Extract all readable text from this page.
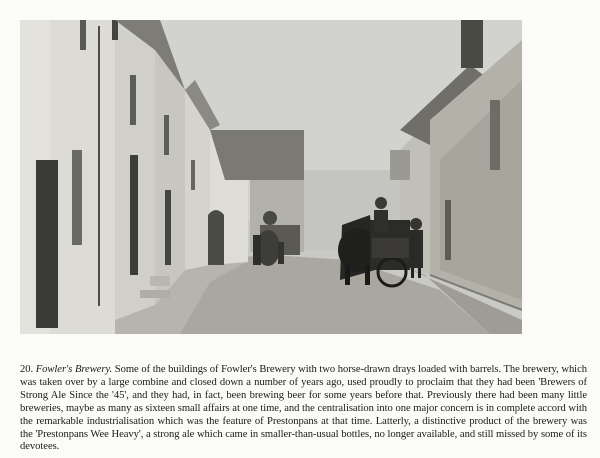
20. Fowler's Brewery. Some of the buildings of Fowler's Brewery with two horse-drawn drays loaded with barrels. The brewery, which was taken over by a large combine and closed down a number of years ago, used proudly to proclaim that they had been 'Brewers of Strong Ale Since the '45', and they had, in fact, been brewing beer for some years before that. Previously there had been many little breweries, maybe as many as sixteen small affairs at one time, and the centralisation into one major concern is in complete accord with the remarkable industrialisation which was the feature of Prestonpans at that time. Latterly, a distinctive product of the brewery was the 'Prestonpans Wee Heavy', a strong ale which came in smaller-than-usual bottles, no longer available, and still missed by some of its devotees.
